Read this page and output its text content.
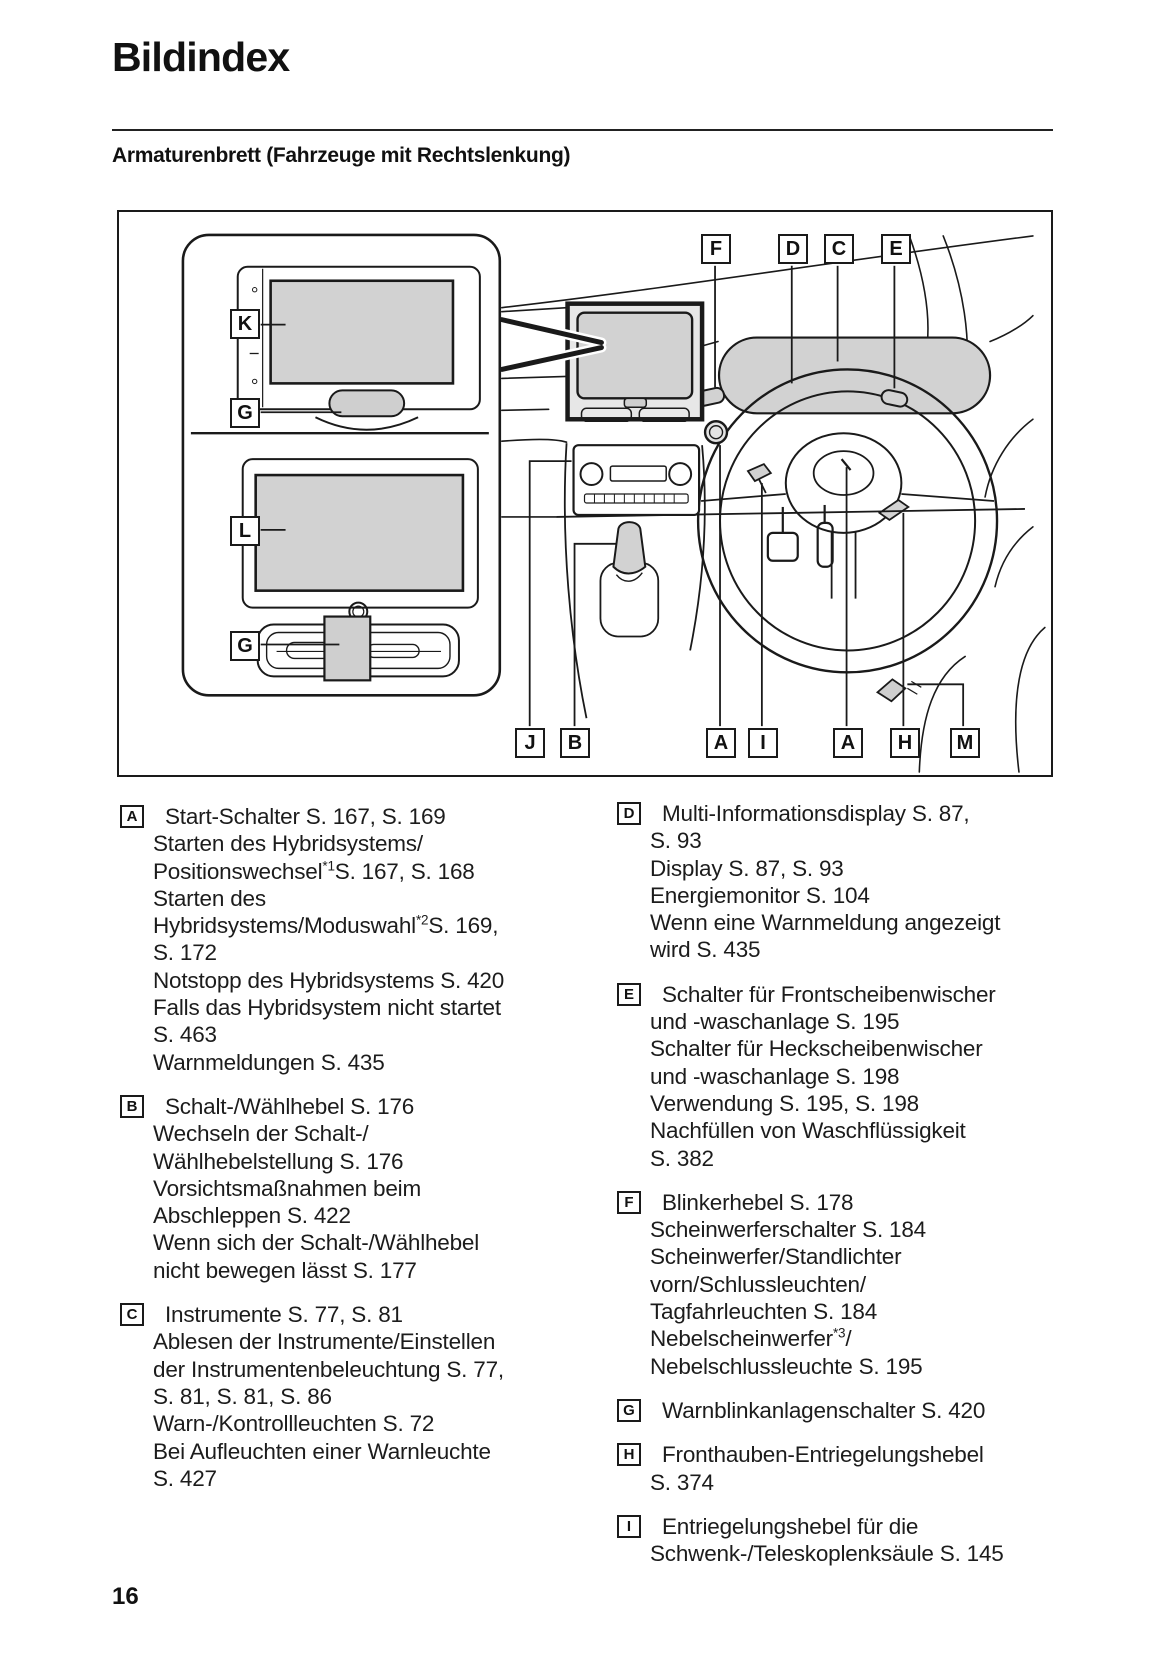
Bildindex
Armaturenbrett (Fahrzeuge mit Rechtslenkung)
K
G
L
G
F	D	C	E
J	B	A	I	A	H	M
A	Start-Schalter S. 167, S. 169
Starten des Hybridsystems/
Positionswechsel$^{*1}$S. 167, S. 168
Starten des
Hybridsystems/Moduswahl$^{*2}$S. 169,
S. 172
Notstopp des Hybridsystems S. 420
Falls das Hybridsystem nicht startet
S. 463
Warnmeldungen S. 435
B	Schalt-/Wählhebel S. 176
Wechseln der Schalt-/
Wählhebelstellung S. 176
Vorsichtsmaßnahmen beim
Abschleppen S. 422
Wenn sich der Schalt-/Wählhebel
nicht bewegen lässt S. 177
C	Instrumente S. 77, S. 81
Ablesen der Instrumente/Einstellen
der Instrumentenbeleuchtung S. 77,
S. 81, S. 81, S. 86
Warn-/Kontrollleuchten S. 72
Bei Aufleuchten einer Warnleuchte
S. 427
D	Multi-Informationsdisplay S. 87,
S. 93
Display S. 87, S. 93
Energiemonitor S. 104
Wenn eine Warnmeldung angezeigt
wird S. 435
E	Schalter für Frontscheibenwischer
und -waschanlage S. 195
Schalter für Heckscheibenwischer
und -waschanlage S. 198
Verwendung S. 195, S. 198
Nachfüllen von Waschflüssigkeit
S. 382
F	Blinkerhebel S. 178
Scheinwerferschalter S. 184
Scheinwerfer/Standlichter
vorn/Schlussleuchten/
Tagfahrleuchten S. 184
Nebelscheinwerfer$^{*3}$/
Nebelschlussleuchte S. 195
G	Warnblinkanlagenschalter S. 420
H	Fronthauben-Entriegelungshebel
S. 374
I	Entriegelungshebel für die
Schwenk-/Teleskoplenksäule S. 145
16
